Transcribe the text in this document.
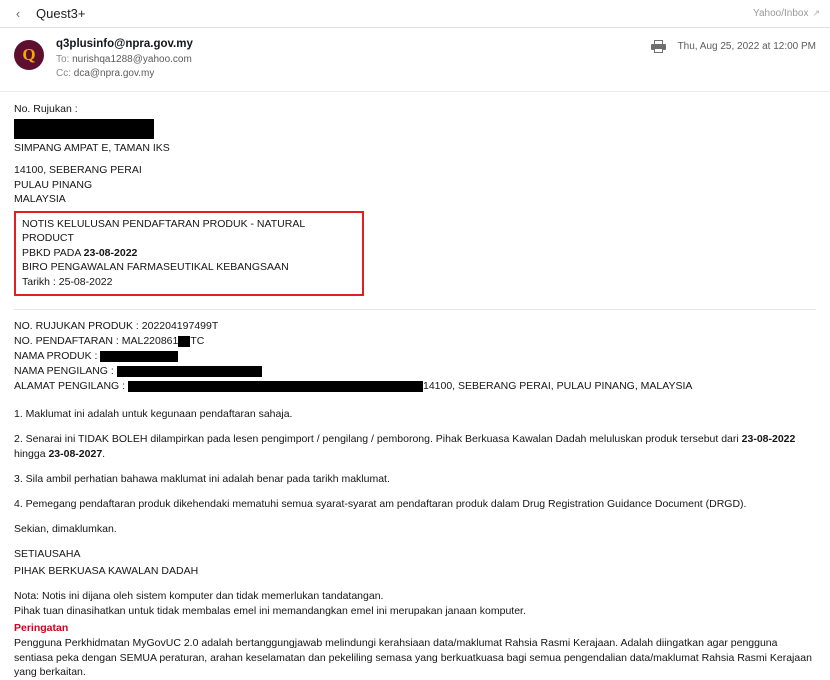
‹	Quest3+	Yahoo/Inbox ↗
Q
q3plusinfo@npra.gov.my
To: nurishqa1288@yahoo.com
Cc: dca@npra.gov.my
Thu, Aug 25, 2022 at 12:00 PM
No. Rujukan :
SIMPANG AMPAT E, TAMAN IKS
14100, SEBERANG PERAI
PULAU PINANG
MALAYSIA
NOTIS KELULUSAN PENDAFTARAN PRODUK - NATURAL PRODUCT
PBKD PADA 23-08-2022
BIRO PENGAWALAN FARMASEUTIKAL KEBANGSAAN
Tarikh : 25-08-2022
NO. RUJUKAN PRODUK : 202204197499T
NO. PENDAFTARAN : MAL220861 TC
NAMA PRODUK :
NAMA PENGILANG :
ALAMAT PENGILANG :	14100, SEBERANG PERAI, PULAU PINANG, MALAYSIA

1. Maklumat ini adalah untuk kegunaan pendaftaran sahaja.

2. Senarai ini TIDAK BOLEH dilampirkan pada lesen pengimport / pengilang / pemborong. Pihak Berkuasa Kawalan Dadah meluluskan produk tersebut dari 23-08-2022 hingga 23-08-2027.

3. Sila ambil perhatian bahawa maklumat ini adalah benar pada tarikh maklumat.

4. Pemegang pendaftaran produk dikehendaki mematuhi semua syarat-syarat am pendaftaran produk dalam Drug Registration Guidance Document (DRGD).

Sekian, dimaklumkan.

SETIAUSAHA
PIHAK BERKUASA KAWALAN DADAH
Nota: Notis ini dijana oleh sistem komputer dan tidak memerlukan tandatangan.
Pihak tuan dinasihatkan untuk tidak membalas emel ini memandangkan emel ini merupakan janaan komputer.
Peringatan
Pengguna Perkhidmatan MyGovUC 2.0 adalah bertanggungjawab melindungi kerahsiaan data/maklumat Rahsia Rasmi Kerajaan. Adalah diingatkan agar pengguna sentiasa peka dengan SEMUA peraturan, arahan keselamatan dan pekeliling semasa yang berkuatkuasa bagi semua pengendalian data/maklumat Rahsia Rasmi Kerajaan yang berkaitan.
